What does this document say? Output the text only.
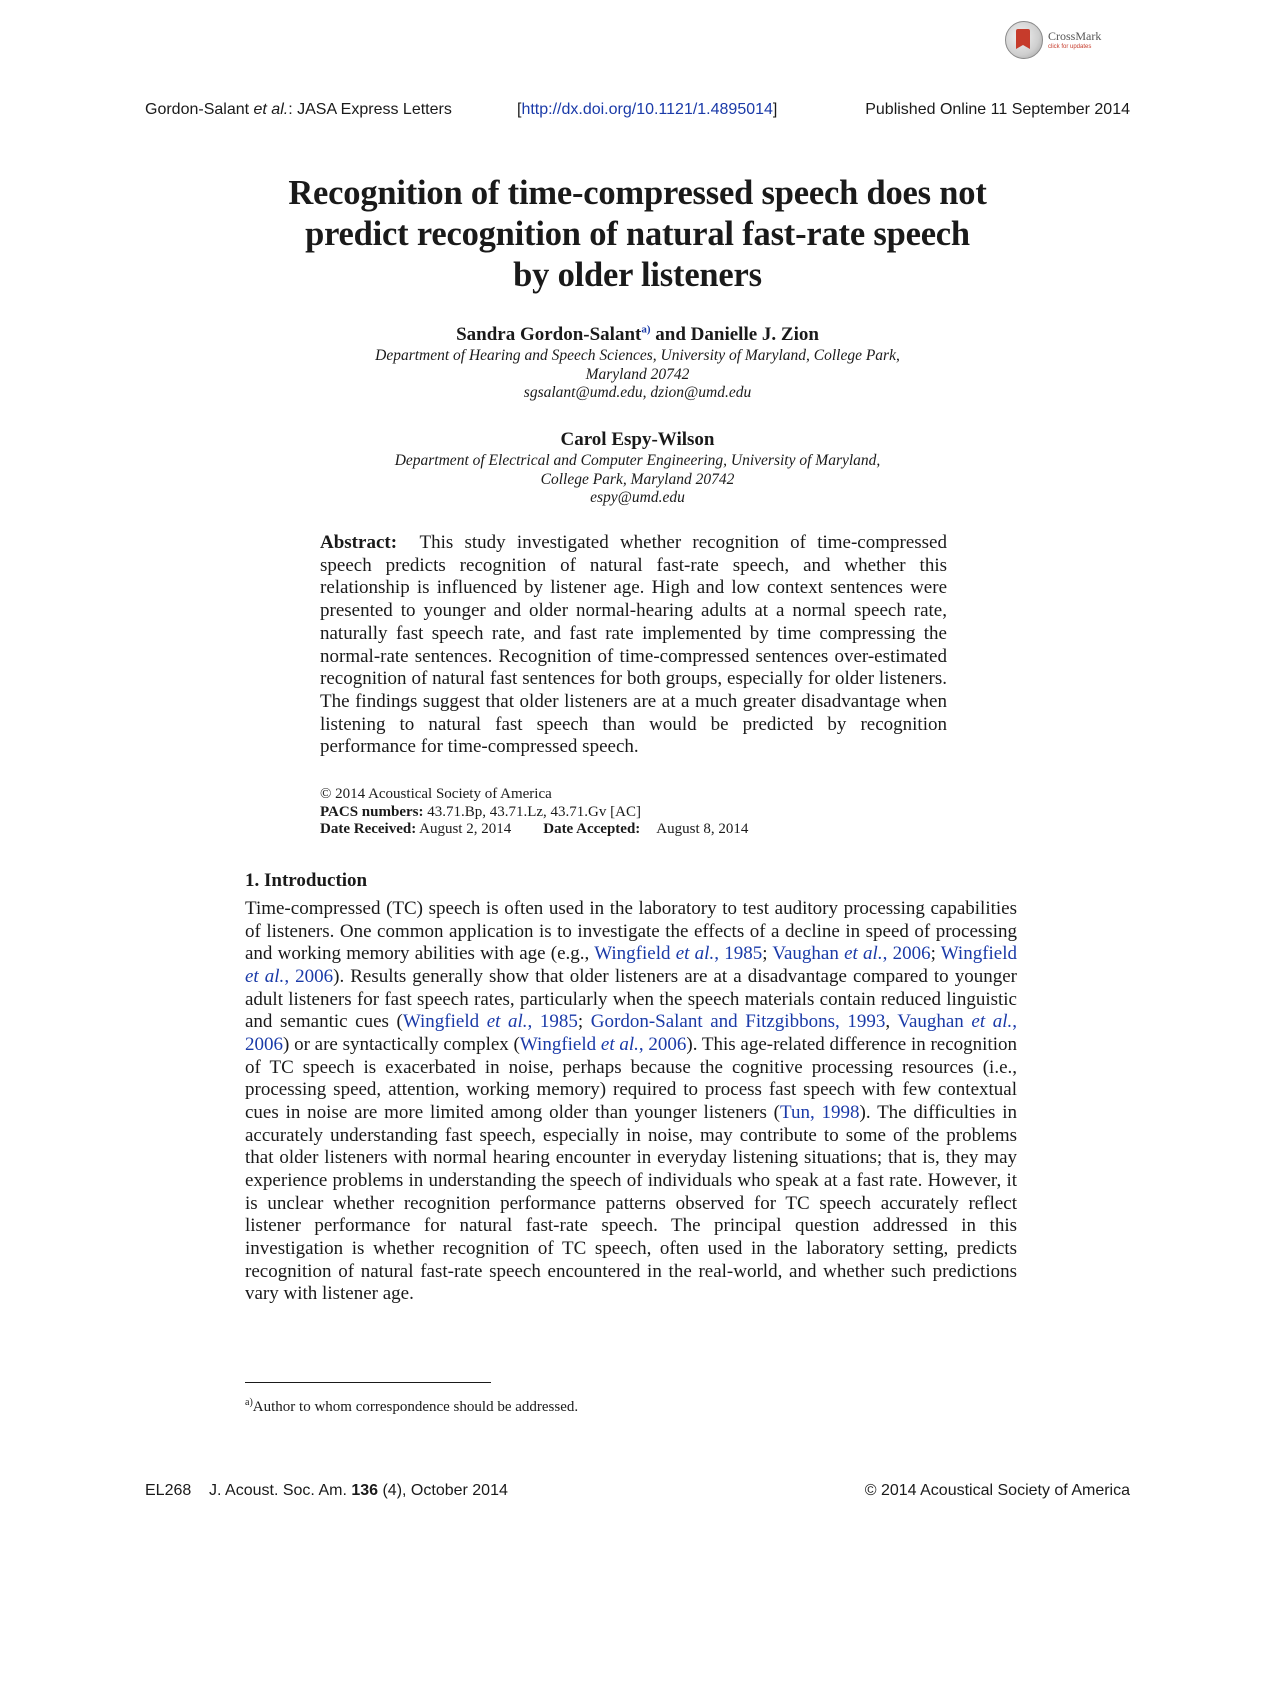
CrossMark
click for updates
Gordon-Salant et al.: JASA Express Letters	[http://dx.doi.org/10.1121/1.4895014]	Published Online 11 September 2014
Recognition of time-compressed speech does not
predict recognition of natural fast-rate speech
by older listeners
Sandra Gordon-Salant$^{a)}$ and Danielle J. Zion
Department of Hearing and Speech Sciences, University of Maryland, College Park,
Maryland 20742
sgsalant@umd.edu, dzion@umd.edu
Carol Espy-Wilson
Department of Electrical and Computer Engineering, University of Maryland,
College Park, Maryland 20742
espy@umd.edu
Abstract: This study investigated whether recognition of time-compressed speech predicts recognition of natural fast-rate speech, and whether this relationship is influenced by listener age. High and low context sentences were presented to younger and older normal-hearing adults at a normal speech rate, naturally fast speech rate, and fast rate implemented by time compressing the normal-rate sentences. Recognition of time-compressed sentences over-estimated recognition of natural fast sentences for both groups, especially for older listeners. The findings suggest that older listeners are at a much greater disadvantage when listening to natural fast speech than would be predicted by recognition performance for time-compressed speech.
© 2014 Acoustical Society of America
PACS numbers: 43.71.Bp, 43.71.Lz, 43.71.Gv [AC]
Date Received: August 2, 2014 Date Accepted: August 8, 2014
1. Introduction
Time-compressed (TC) speech is often used in the laboratory to test auditory processing capabilities of listeners. One common application is to investigate the effects of a decline in speed of processing and working memory abilities with age (e.g., Wingfield et al., 1985; Vaughan et al., 2006; Wingfield et al., 2006). Results generally show that older listeners are at a disadvantage compared to younger adult listeners for fast speech rates, particularly when the speech materials contain reduced linguistic and semantic cues (Wingfield et al., 1985; Gordon-Salant and Fitzgibbons, 1993, Vaughan et al., 2006) or are syntactically complex (Wingfield et al., 2006). This age-related difference in recognition of TC speech is exacerbated in noise, perhaps because the cognitive processing resources (i.e., processing speed, attention, working memory) required to process fast speech with few contextual cues in noise are more limited among older than younger listeners (Tun, 1998). The difficulties in accurately understanding fast speech, especially in noise, may contribute to some of the problems that older listeners with normal hearing encounter in everyday listening situations; that is, they may experience problems in understanding the speech of individuals who speak at a fast rate. However, it is unclear whether recognition performance patterns observed for TC speech accurately reflect listener performance for natural fast-rate speech. The principal question addressed in this investigation is whether recognition of TC speech, often used in the laboratory setting, predicts recognition of natural fast-rate speech encountered in the real-world, and whether such predictions vary with listener age.
$^{a)}$Author to whom correspondence should be addressed.
EL268    J. Acoust. Soc. Am. 136 (4), October 2014	© 2014 Acoustical Society of America
